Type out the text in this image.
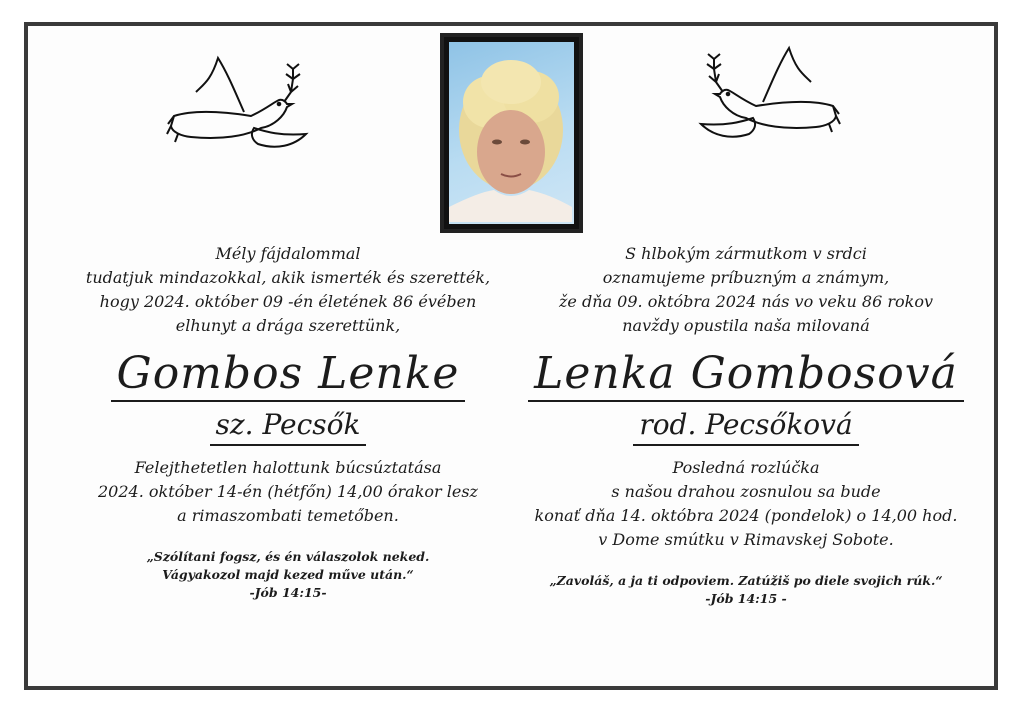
Mély fájdalommal
tudatjuk mindazokkal, akik ismerték és szerették,
hogy 2024. október 09 -én életének 86 évében
elhunyt a drága szerettünk,
Gombos Lenke
sz. Pecsők
Felejthetetlen halottunk búcsúztatása
2024. október 14-én (hétfőn) 14,00 órakor lesz
a rimaszombati temetőben.
„Szólítani fogsz, és én válaszolok neked.
Vágyakozol majd kezed műve után.“
-Jób 14:15-
S hlbokým zármutkom v srdci
oznamujeme príbuzným a známym,
že dňa 09. októbra 2024 nás vo veku 86 rokov
navždy opustila naša milovaná
Lenka Gombosová
rod. Pecsőková
Posledná rozlúčka
s našou drahou zosnulou sa bude
konať dňa 14. októbra 2024 (pondelok) o 14,00 hod.
v Dome smútku v Rimavskej Sobote.
„Zavoláš, a ja ti odpoviem. Zatúžiš po diele svojich rúk.“
-Jób 14:15 -
